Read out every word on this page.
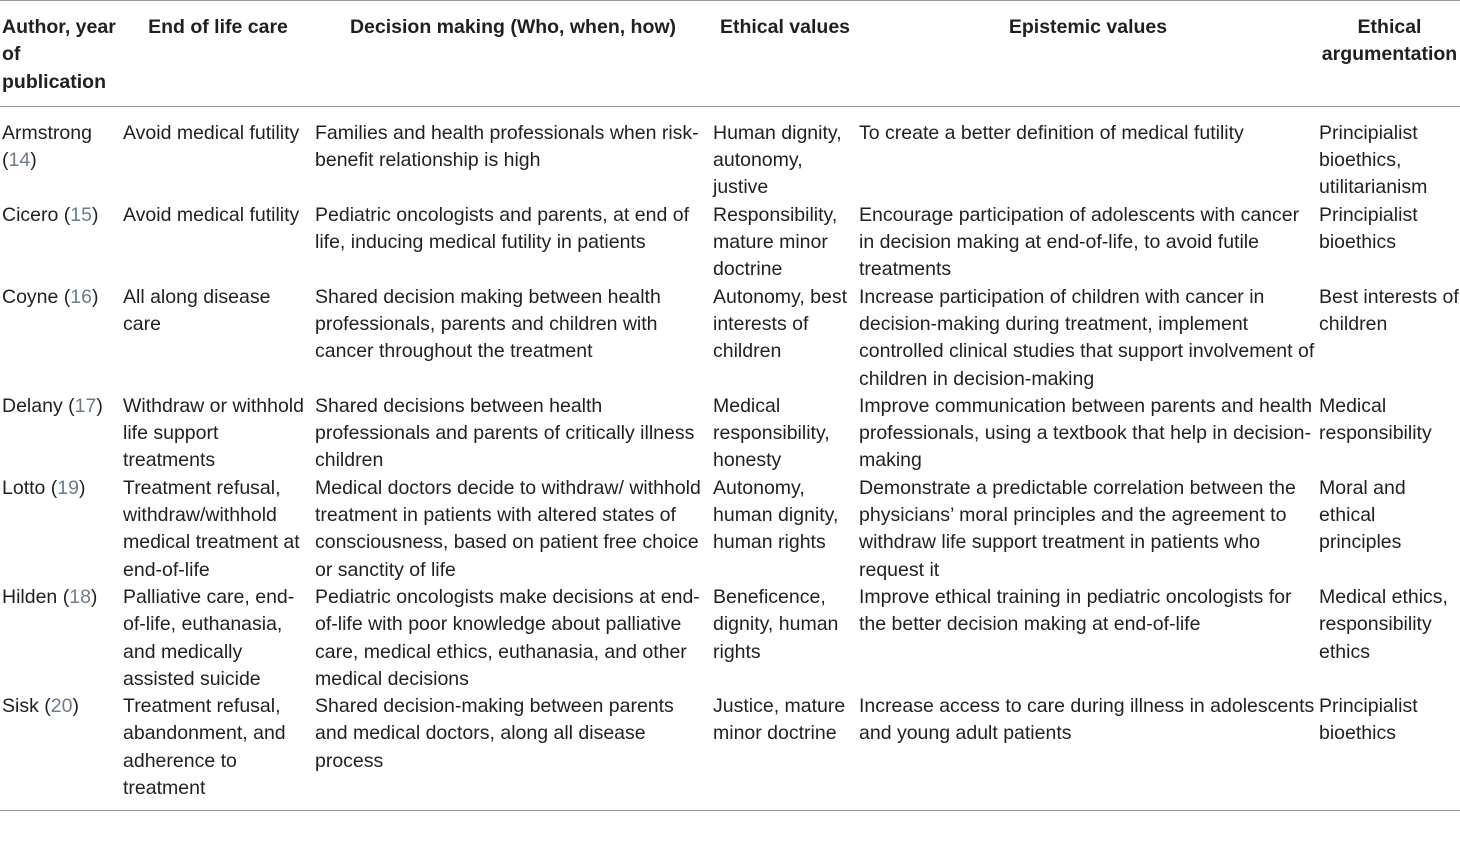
Author, year of publication	End of life care	Decision making (Who, when, how)	Ethical values	Epistemic values	Ethical argumentation
Armstrong (14)	Avoid medical futility	Families and health professionals when risk-benefit relationship is high	Human dignity, autonomy, justive	To create a better definition of medical futility	Principialist bioethics, utilitarianism
Cicero (15)	Avoid medical futility	Pediatric oncologists and parents, at end of life, inducing medical futility in patients	Responsibility, mature minor doctrine	Encourage participation of adolescents with cancer in decision making at end-of-life, to avoid futile treatments	Principialist bioethics
Coyne (16)	All along disease care	Shared decision making between health professionals, parents and children with cancer throughout the treatment	Autonomy, best interests of children	Increase participation of children with cancer in decision-making during treatment, implement controlled clinical studies that support involvement of children in decision-making	Best interests of children
Delany (17)	Withdraw or withhold life support treatments	Shared decisions between health professionals and parents of critically illness children	Medical responsibility, honesty	Improve communication between parents and health professionals, using a textbook that help in decision-making	Medical responsibility
Lotto (19)	Treatment refusal, withdraw/withhold medical treatment at end-of-life	Medical doctors decide to withdraw/ withhold treatment in patients with altered states of consciousness, based on patient free choice or sanctity of life	Autonomy, human dignity, human rights	Demonstrate a predictable correlation between the physicians’ moral principles and the agreement to withdraw life support treatment in patients who request it	Moral and ethical principles
Hilden (18)	Palliative care, end-of-life, euthanasia, and medically assisted suicide	Pediatric oncologists make decisions at end-of-life with poor knowledge about palliative care, medical ethics, euthanasia, and other medical decisions	Beneficence, dignity, human rights	Improve ethical training in pediatric oncologists for the better decision making at end-of-life	Medical ethics, responsibility ethics
Sisk (20)	Treatment refusal, abandonment, and adherence to treatment	Shared decision-making between parents and medical doctors, along all disease process	Justice, mature minor doctrine	Increase access to care during illness in adolescents and young adult patients	Principialist bioethics
